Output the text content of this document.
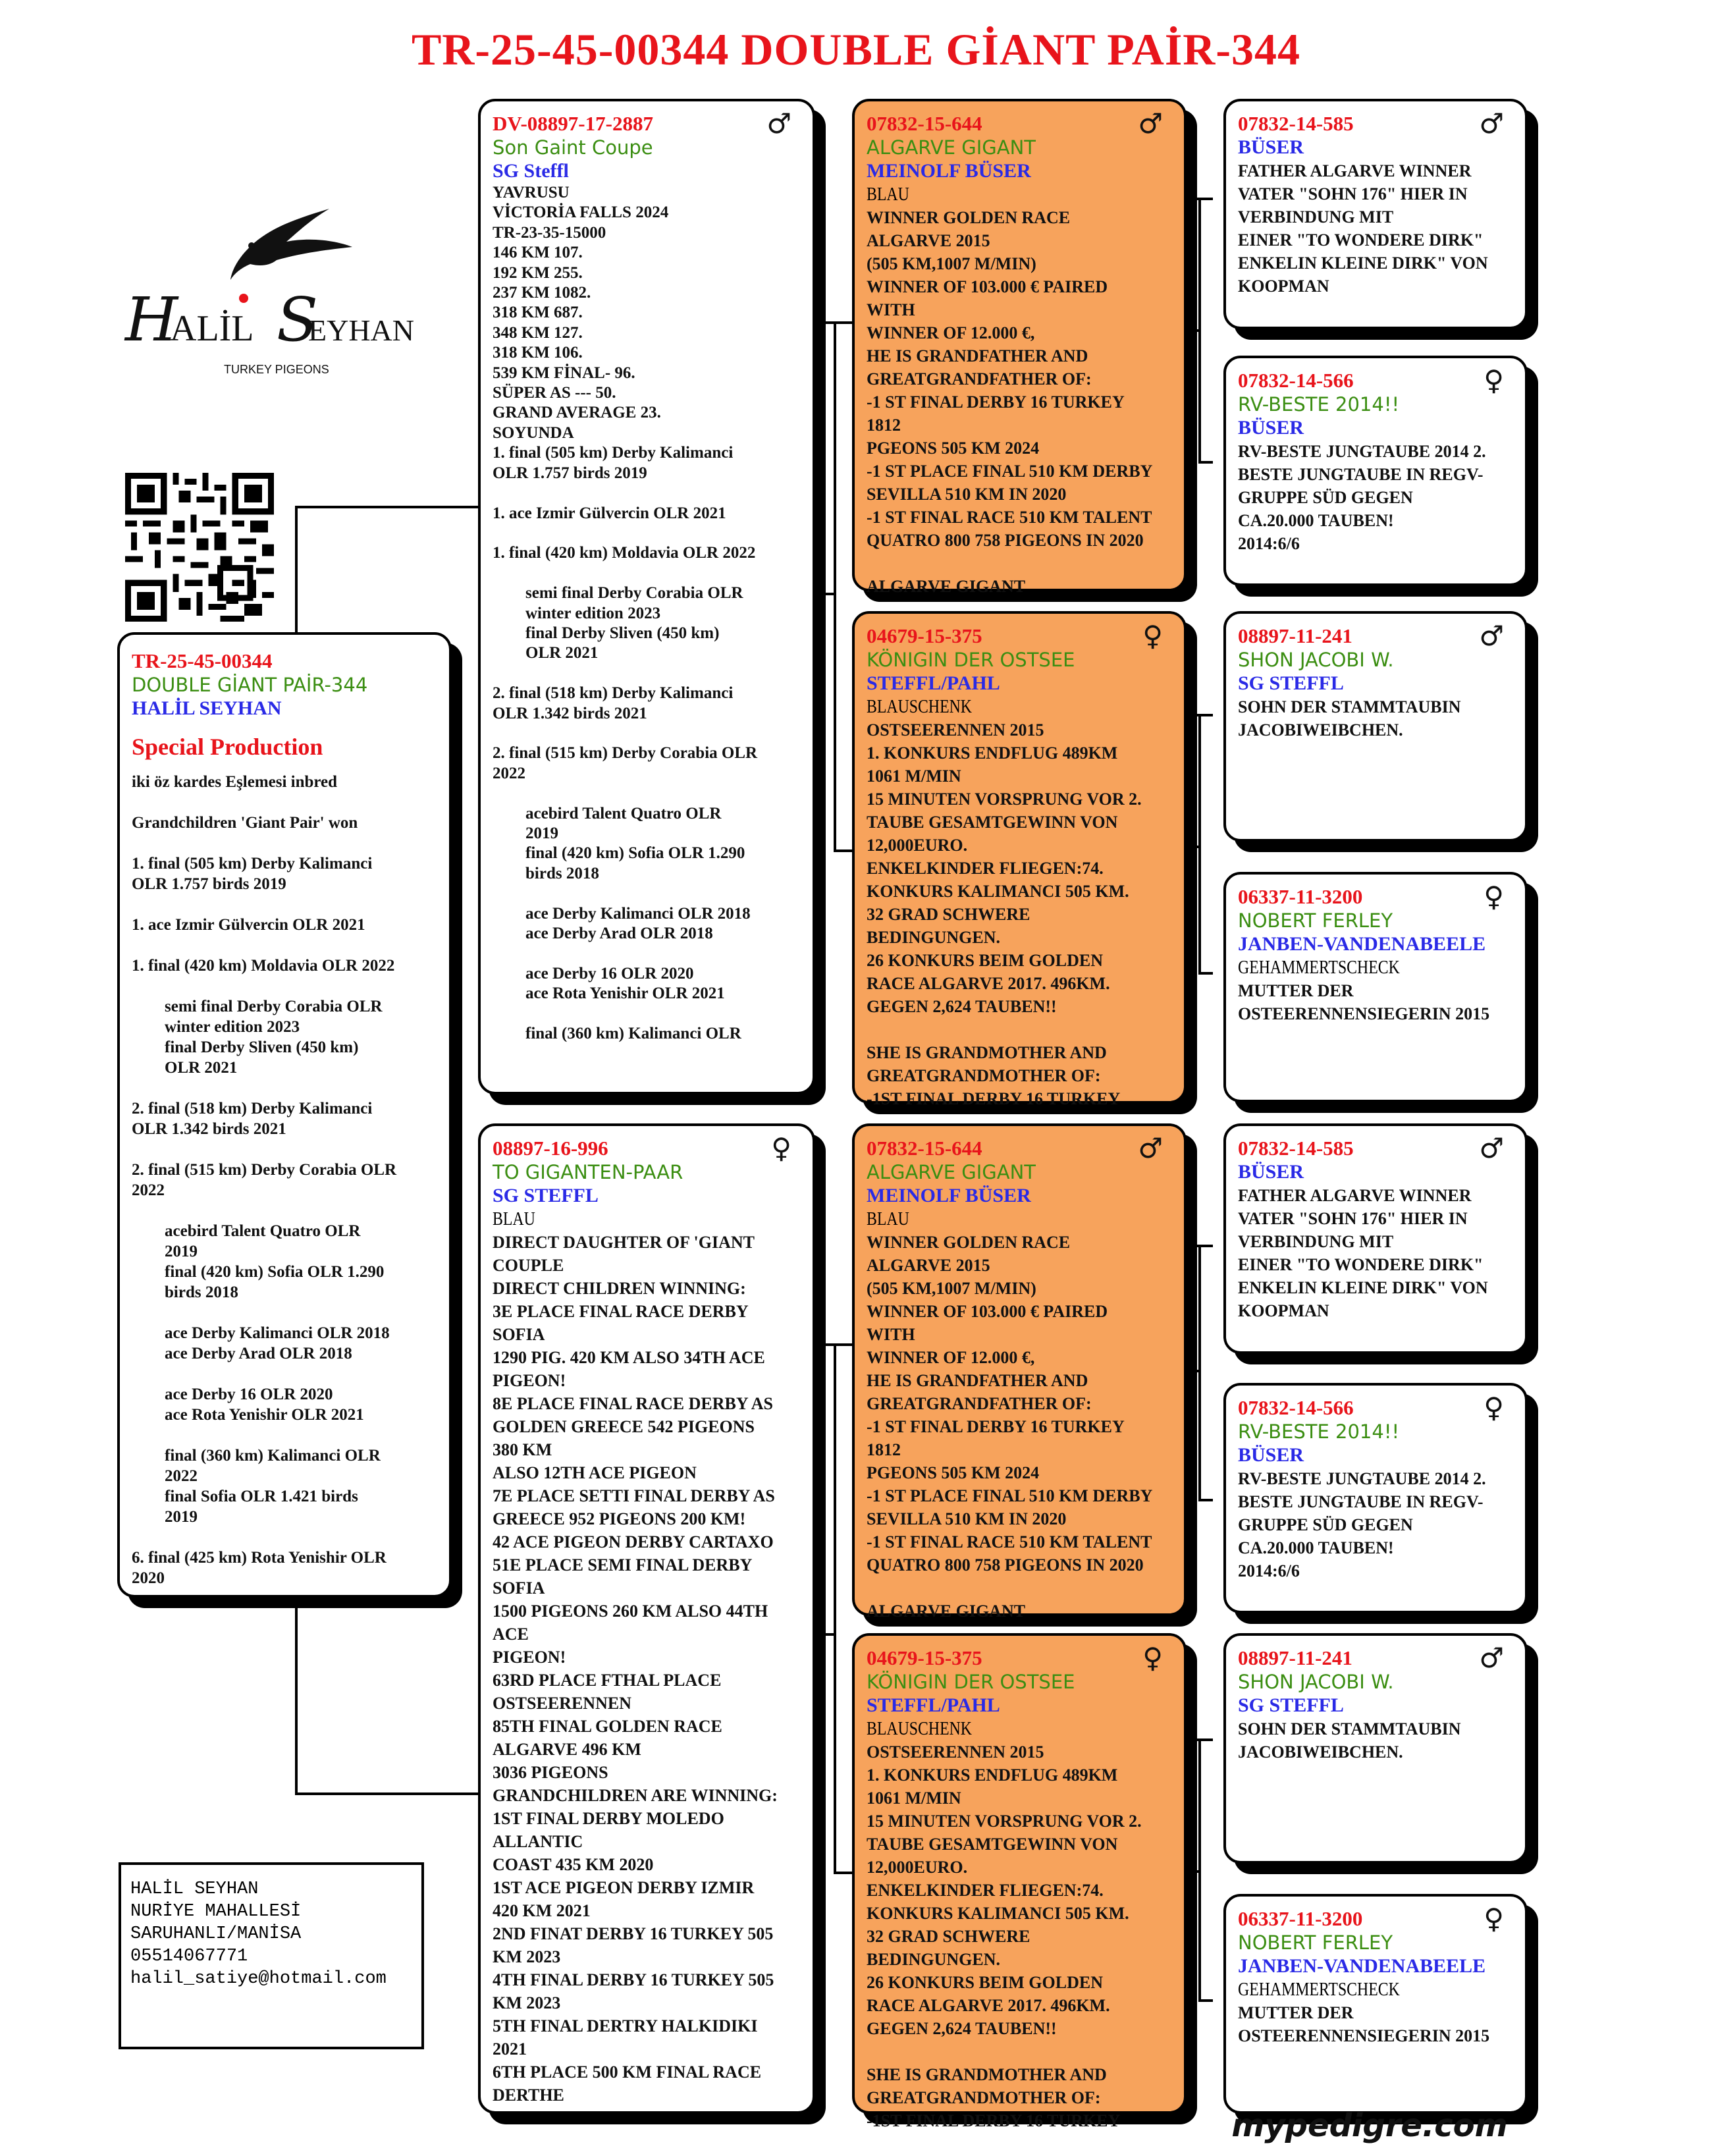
TR-25-45-00344 DOUBLE GİANT PAİR-344
H
ALİL S
EYHAN
TURKEY PIGEONS
TR-25-45-00344
DOUBLE GİANT PAİR-344
HALİL SEYHAN
Special Production
iki öz kardes Eşlemesi inbred

Grandchildren 'Giant Pair' won

1. final (505 km) Derby Kalimanci
OLR 1.757 birds 2019

1. ace Izmir Gülvercin OLR 2021

1. final (420 km) Moldavia OLR 2022

semi final Derby Corabia OLR
winter edition 2023
final Derby Sliven (450 km)
OLR 2021

2. final (518 km) Derby Kalimanci
OLR 1.342 birds 2021

2. final (515 km) Derby Corabia OLR
2022

acebird Talent Quatro OLR
2019
final (420 km) Sofia OLR 1.290
birds 2018

ace Derby Kalimanci OLR 2018
ace Derby Arad OLR 2018

ace Derby 16 OLR 2020
ace Rota Yenishir OLR 2021

final (360 km) Kalimanci OLR
2022
final Sofia OLR 1.421 birds
2019

6. final (425 km) Rota Yenishir OLR
2020
♂
DV-08897-17-2887
Son Gaint Coupe
SG Steffl
YAVRUSU
VİCTORİA FALLS 2024
TR-23-35-15000
146 KM 107.
192 KM 255.
237 KM 1082.
318 KM 687.
348 KM 127.
318 KM 106.
539 KM FİNAL- 96.
SÜPER AS --- 50.
GRAND AVERAGE 23.
SOYUNDA
1. final (505 km) Derby Kalimanci
OLR 1.757 birds 2019

1. ace Izmir Gülvercin OLR 2021

1. final (420 km) Moldavia OLR 2022

semi final Derby Corabia OLR
winter edition 2023
final Derby Sliven (450 km)
OLR 2021

2. final (518 km) Derby Kalimanci
OLR 1.342 birds 2021

2. final (515 km) Derby Corabia OLR
2022

acebird Talent Quatro OLR
2019
final (420 km) Sofia OLR 1.290
birds 2018

ace Derby Kalimanci OLR 2018
ace Derby Arad OLR 2018

ace Derby 16 OLR 2020
ace Rota Yenishir OLR 2021

final (360 km) Kalimanci OLR
♀
08897-16-996
TO GIGANTEN-PAAR
SG STEFFL
BLAU
DIRECT DAUGHTER OF 'GIANT
COUPLE
DIRECT CHILDREN WINNING:
3E PLACE FINAL RACE DERBY
SOFIA
1290 PIG. 420 KM ALSO 34TH ACE
PIGEON!
8E PLACE FINAL RACE DERBY AS
GOLDEN GREECE 542 PIGEONS
380 KM
ALSO 12TH ACE PIGEON
7E PLACE SETTI FINAL DERBY AS
GREECE 952 PIGEONS 200 KM!
42 ACE PIGEON DERBY CARTAXO
51E PLACE SEMI FINAL DERBY
SOFIA
1500 PIGEONS 260 KM ALSO 44TH
ACE
PIGEON!
63RD PLACE FTHAL PLACE
OSTSEERENNEN
85TH FINAL GOLDEN RACE
ALGARVE 496 KM
3036 PIGEONS
GRANDCHILDREN ARE WINNING:
1ST FINAL DERBY MOLEDO
ALLANTIC
COAST 435 KM 2020
1ST ACE PIGEON DERBY IZMIR
420 KM 2021
2ND FINAT DERBY 16 TURKEY 505
KM 2023
4TH FINAL DERBY 16 TURKEY 505
KM 2023
5TH FINAL DERTRY HALKIDIKI
2021
6TH PLACE 500 KM FINAL RACE
DERTHE
♂
07832-15-644
ALGARVE GIGANT
MEINOLF BÜSER
BLAU
WINNER GOLDEN RACE
ALGARVE 2015
(505 KM,1007 M/MIN)
WINNER OF 103.000 € PAIRED
WITH
WINNER OF 12.000 €,
HE IS GRANDFATHER AND
GREATGRANDFATHER OF:
-1 ST FINAL DERBY 16 TURKEY
1812
PGEONS 505 KM 2024
-1 ST PLACE FINAL 510 KM DERBY
SEVILLA 510 KM IN 2020
-1 ST FINAL RACE 510 KM TALENT
QUATRO 800 758 PIGEONS IN 2020

ALGARVE GIGANT
♀
04679-15-375
KÖNIGIN DER OSTSEE
STEFFL/PAHL
BLAUSCHENK
OSTSEERENNEN 2015
1. KONKURS ENDFLUG 489KM
1061 M/MIN
15 MINUTEN VORSPRUNG VOR 2.
TAUBE GESAMTGEWINN VON
12,000EURO.
ENKELKINDER FLIEGEN:74.
KONKURS KALIMANCI 505 KM.
32 GRAD SCHWERE
BEDINGUNGEN.
26 KONKURS BEIM GOLDEN
RACE ALGARVE 2017. 496KM.
GEGEN 2,624 TAUBEN!!

SHE IS GRANDMOTHER AND
GREATGRANDMOTHER OF:
-1ST FINAL DERBY 16 TURKEY
♂
07832-15-644
ALGARVE GIGANT
MEINOLF BÜSER
BLAU
WINNER GOLDEN RACE
ALGARVE 2015
(505 KM,1007 M/MIN)
WINNER OF 103.000 € PAIRED
WITH
WINNER OF 12.000 €,
HE IS GRANDFATHER AND
GREATGRANDFATHER OF:
-1 ST FINAL DERBY 16 TURKEY
1812
PGEONS 505 KM 2024
-1 ST PLACE FINAL 510 KM DERBY
SEVILLA 510 KM IN 2020
-1 ST FINAL RACE 510 KM TALENT
QUATRO 800 758 PIGEONS IN 2020

ALGARVE GIGANT
♀
04679-15-375
KÖNIGIN DER OSTSEE
STEFFL/PAHL
BLAUSCHENK
OSTSEERENNEN 2015
1. KONKURS ENDFLUG 489KM
1061 M/MIN
15 MINUTEN VORSPRUNG VOR 2.
TAUBE GESAMTGEWINN VON
12,000EURO.
ENKELKINDER FLIEGEN:74.
KONKURS KALIMANCI 505 KM.
32 GRAD SCHWERE
BEDINGUNGEN.
26 KONKURS BEIM GOLDEN
RACE ALGARVE 2017. 496KM.
GEGEN 2,624 TAUBEN!!

SHE IS GRANDMOTHER AND
GREATGRANDMOTHER OF:
-1ST FINAL DERBY 16 TURKEY
♂
07832-14-585
BÜSER
FATHER ALGARVE WINNER
VATER "SOHN 176" HIER IN
VERBINDUNG MIT
EINER "TO WONDERE DIRK"
ENKELIN KLEINE DIRK" VON
KOOPMAN
♀
07832-14-566
RV-BESTE 2014!!
BÜSER
RV-BESTE JUNGTAUBE 2014 2.
BESTE JUNGTAUBE IN REGV-
GRUPPE SÜD GEGEN
CA.20.000 TAUBEN!
2014:6/6
♂
08897-11-241
SHON JACOBI W.
SG STEFFL
SOHN DER STAMMTAUBIN
JACOBIWEIBCHEN.
♀
06337-11-3200
NOBERT FERLEY
JANBEN-VANDENABEELE
GEHAMMERTSCHECK
MUTTER DER
OSTEERENNENSIEGERIN 2015
♂
07832-14-585
BÜSER
FATHER ALGARVE WINNER
VATER "SOHN 176" HIER IN
VERBINDUNG MIT
EINER "TO WONDERE DIRK"
ENKELIN KLEINE DIRK" VON
KOOPMAN
♀
07832-14-566
RV-BESTE 2014!!
BÜSER
RV-BESTE JUNGTAUBE 2014 2.
BESTE JUNGTAUBE IN REGV-
GRUPPE SÜD GEGEN
CA.20.000 TAUBEN!
2014:6/6
♂
08897-11-241
SHON JACOBI W.
SG STEFFL
SOHN DER STAMMTAUBIN
JACOBIWEIBCHEN.
♀
06337-11-3200
NOBERT FERLEY
JANBEN-VANDENABEELE
GEHAMMERTSCHECK
MUTTER DER
OSTEERENNENSIEGERIN 2015
HALİL SEYHAN
NURİYE MAHALLESİ
SARUHANLI/MANİSA
05514067771
halil_satiye@hotmail.com
mypedigre.com
